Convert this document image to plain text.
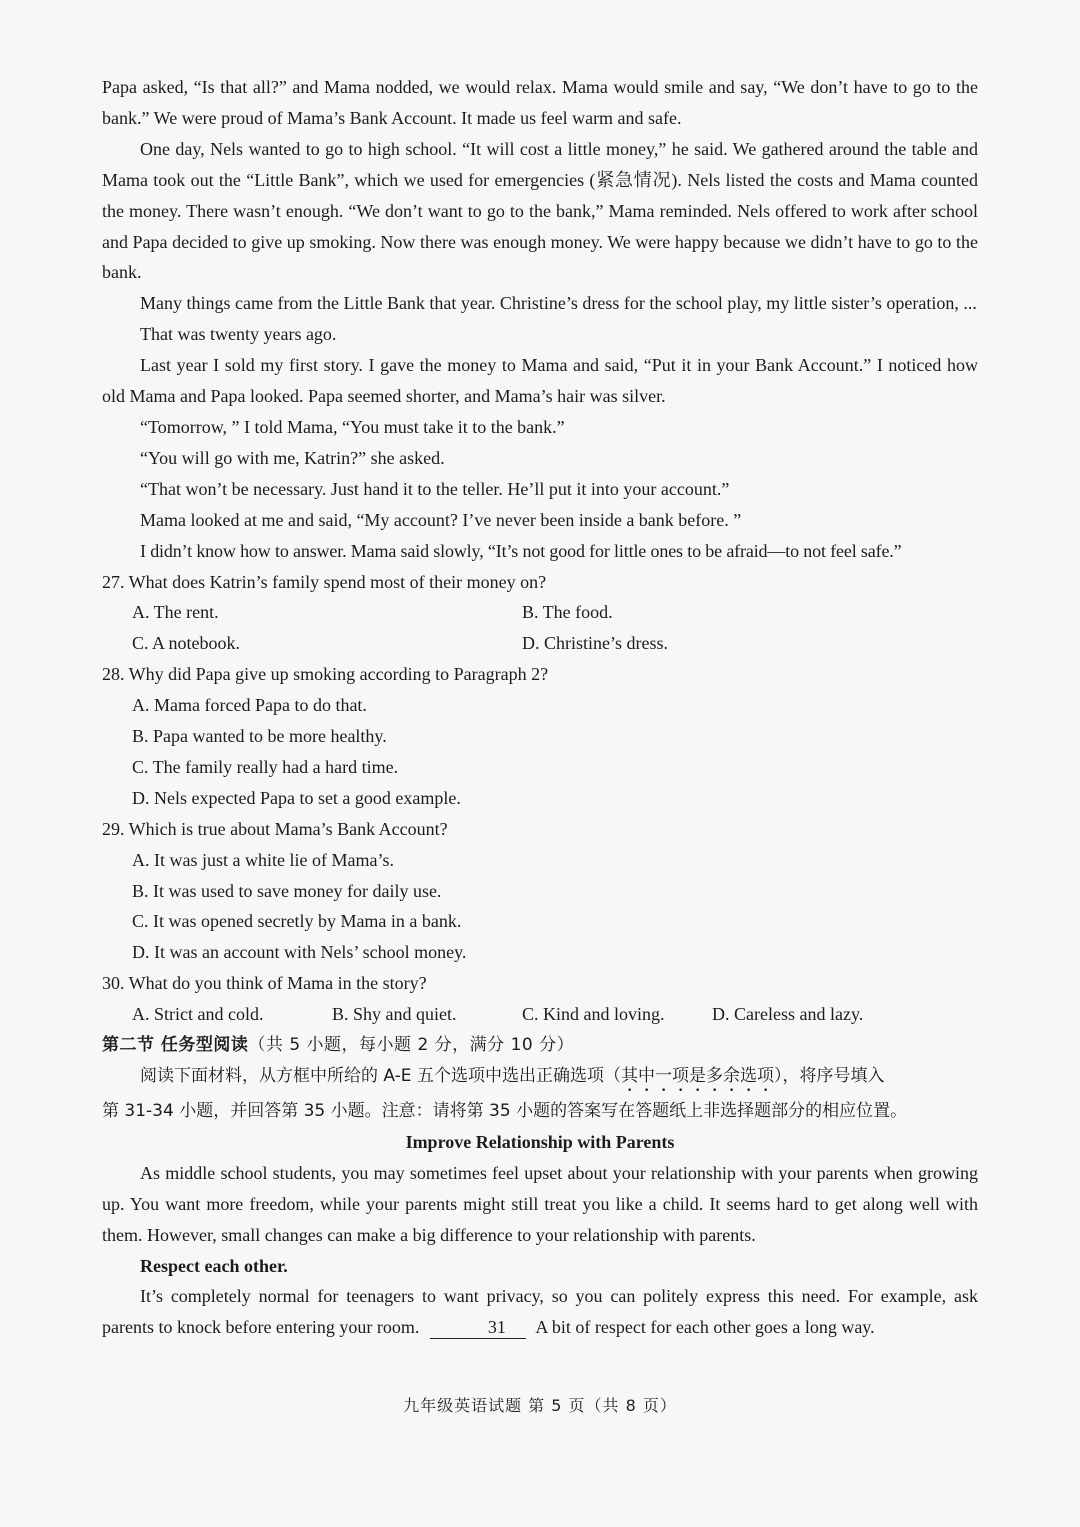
Papa asked, “Is that all?” and Mama nodded, we would relax. Mama would smile and say, “We don’t have to go to the bank.” We were proud of Mama’s Bank Account. It made us feel warm and safe.

One day, Nels wanted to go to high school. “It will cost a little money,” he said. We gathered around the table and Mama took out the “Little Bank”, which we used for emergencies (紧急情况). Nels listed the costs and Mama counted the money. There wasn’t enough. “We don’t want to go to the bank,” Mama reminded. Nels offered to work after school and Papa decided to give up smoking. Now there was enough money. We were happy because we didn’t have to go to the bank.

Many things came from the Little Bank that year. Christine’s dress for the school play, my little sister’s operation, ...

That was twenty years ago.

Last year I sold my first story. I gave the money to Mama and said, “Put it in your Bank Account.” I noticed how old Mama and Papa looked. Papa seemed shorter, and Mama’s hair was silver.

“Tomorrow, ” I told Mama, “You must take it to the bank.”

“You will go with me, Katrin?” she asked.

“That won’t be necessary. Just hand it to the teller. He’ll put it into your account.”

Mama looked at me and said, “My account? I’ve never been inside a bank before. ”

I didn’t know how to answer. Mama said slowly, “It’s not good for little ones to be afraid—to not feel safe.”

27. What does Katrin’s family spend most of their money on?

A. The rent.	B. The food.
C. A notebook.	D. Christine’s dress.

28. Why did Papa give up smoking according to Paragraph 2?

A. Mama forced Papa to do that.
B. Papa wanted to be more healthy.
C. The family really had a hard time.
D. Nels expected Papa to set a good example.

29. Which is true about Mama’s Bank Account?

A. It was just a white lie of Mama’s.
B. It was used to save money for daily use.
C. It was opened secretly by Mama in a bank.
D. It was an account with Nels’ school money.

30. What do you think of Mama in the story?

A. Strict and cold.	B. Shy and quiet.	C. Kind and loving.	D. Careless and lazy.
第二节 任务型阅读（共 5 小题，每小题 2 分，满分 10 分）
阅读下面材料，从方框中所给的 A-E 五个选项中选出正确选项（其中一项是多余选项），将序号填入
第 31-34 小题，并回答第 35 小题。注意：请将第 35 小题的答案写在答题纸上非选择题部分的相应位置。
Improve Relationship with Parents

As middle school students, you may sometimes feel upset about your relationship with your parents when growing up. You want more freedom, while your parents might still treat you like a child. It seems hard to get along well with them. However, small changes can make a big difference to your relationship with parents.

Respect each other.

It’s completely normal for teenagers to want privacy, so you can politely express this need. For example, ask parents to knock before entering your room.	31 A bit of respect for each other goes a long way.

九年级英语试题 第 5 页（共 8 页）
